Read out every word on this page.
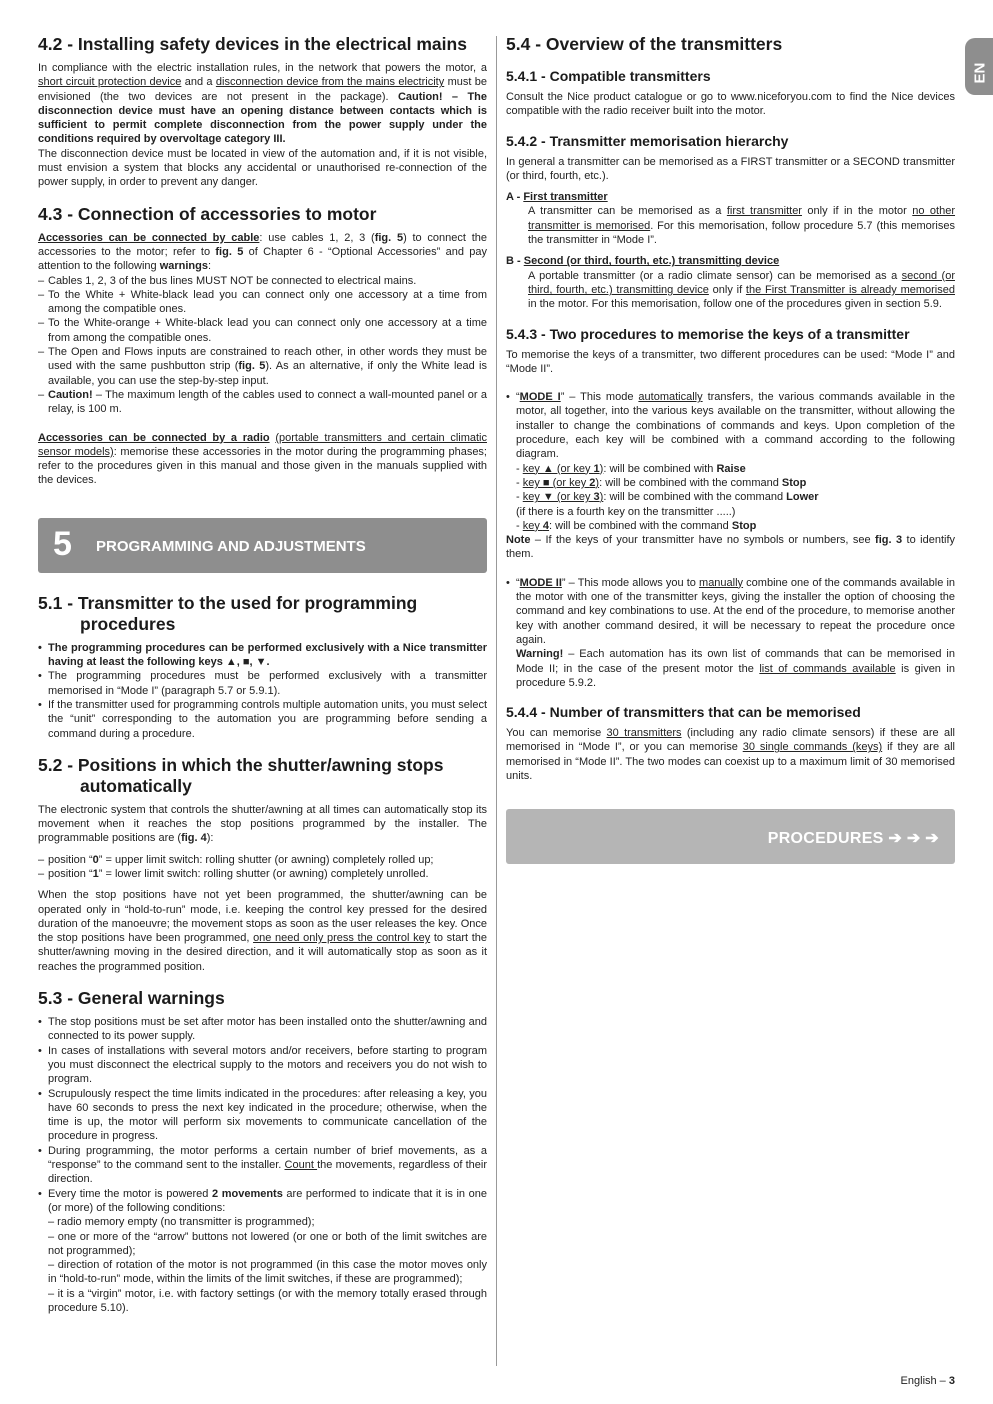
EN
4.2 - Installing safety devices in the electrical mains

In compliance with the electric installation rules, in the network that powers the motor, a short circuit protection device and a disconnection device from the mains electricity must be envisioned (the two devices are not present in the package). Caution! – The disconnection device must have an opening distance between contacts which is sufficient to permit complete disconnection from the power supply under the conditions required by overvoltage category III.

The disconnection device must be located in view of the automation and, if it is not visible, must envision a system that blocks any accidental or unauthorised re-connection of the power supply, in order to prevent any danger.

4.3 - Connection of accessories to motor

Accessories can be connected by cable: use cables 1, 2, 3 (fig. 5) to connect the accessories to the motor; refer to fig. 5 of Chapter 6 - “Optional Accessories” and pay attention to the following warnings:

– Cables 1, 2, 3 of the bus lines MUST NOT be connected to electrical mains.
– To the White + White-black lead you can connect only one accessory at a time from among the compatible ones.
– To the White-orange + White-black lead you can connect only one accessory at a time from among the compatible ones.
– The Open and Flows inputs are constrained to reach other, in other words they must be used with the same pushbutton strip (fig. 5). As an alternative, if only the White lead is available, you can use the step-by-step input.
– Caution! – The maximum length of the cables used to connect a wall-mounted panel or a relay, is 100 m.

Accessories can be connected by a radio (portable transmitters and certain climatic sensor models): memorise these accessories in the motor during the programming phases; refer to the procedures given in this manual and those given in the manuals supplied with the devices.

5 PROGRAMMING AND ADJUSTMENTS
5.1 - Transmitter to the used for programming
procedures
• The programming procedures can be performed exclusively with a Nice transmitter having at least the following keys ▲, ■, ▼.
• The programming procedures must be performed exclusively with a transmitter memorised in “Mode I” (paragraph 5.7 or 5.9.1).
• If the transmitter used for programming controls multiple automation units, you must select the “unit” corresponding to the automation you are programming before sending a command during a procedure.
5.2 - Positions in which the shutter/awning stops
automatically

The electronic system that controls the shutter/awning at all times can automatically stop its movement when it reaches the stop positions programmed by the installer. The programmable positions are (fig. 4):

– position “0” = upper limit switch: rolling shutter (or awning) completely rolled up;
– position “1” = lower limit switch: rolling shutter (or awning) completely unrolled.

When the stop positions have not yet been programmed, the shutter/awning can be operated only in “hold-to-run” mode, i.e. keeping the control key pressed for the desired duration of the manoeuvre; the movement stops as soon as the user releases the key. Once the stop positions have been programmed, one need only press the control key to start the shutter/awning moving in the desired direction, and it will automatically stop as soon as it reaches the programmed position.

5.3 - General warnings
• The stop positions must be set after motor has been installed onto the shutter/awning and connected to its power supply.
• In cases of installations with several motors and/or receivers, before starting to program you must disconnect the electrical supply to the motors and receivers you do not wish to program.
• Scrupulously respect the time limits indicated in the procedures: after releasing a key, you have 60 seconds to press the next key indicated in the procedure; otherwise, when the time is up, the motor will perform six movements to communicate cancellation of the procedure in progress.
• During programming, the motor performs a certain number of brief movements, as a “response” to the command sent to the installer. Count the movements, regardless of their direction.
• Every time the motor is powered 2 movements are performed to indicate that it is in one (or more) of the following conditions:
– radio memory empty (no transmitter is programmed);
– one or more of the “arrow” buttons not lowered (or one or both of the limit switches are not programmed);
– direction of rotation of the motor is not programmed (in this case the motor moves only in “hold-to-run” mode, within the limits of the limit switches, if these are programmed);
– it is a “virgin” motor, i.e. with factory settings (or with the memory totally erased through procedure 5.10).
5.4 - Overview of the transmitters
5.4.1 - Compatible transmitters

Consult the Nice product catalogue or go to www.niceforyou.com to find the Nice devices compatible with the radio receiver built into the motor.

5.4.2 - Transmitter memorisation hierarchy

In general a transmitter can be memorised as a FIRST transmitter or a SECOND transmitter (or third, fourth, etc.).

A - First transmitter

A transmitter can be memorised as a first transmitter only if in the motor no other transmitter is memorised. For this memorisation, follow procedure 5.7 (this memorises the transmitter in “Mode I”.

B - Second (or third, fourth, etc.) transmitting device

A portable transmitter (or a radio climate sensor) can be memorised as a second (or third, fourth, etc.) transmitting device only if the First Transmitter is already memorised in the motor. For this memorisation, follow one of the procedures given in section 5.9.

5.4.3 - Two procedures to memorise the keys of a transmitter

To memorise the keys of a transmitter, two different procedures can be used: “Mode I” and “Mode II”.

• “MODE I” – This mode automatically transfers, the various commands available in the motor, all together, into the various keys available on the transmitter, without allowing the installer to change the combinations of commands and keys. Upon completion of the procedure, each key will be combined with a command according to the following diagram.
- key ▲ (or key 1): will be combined with Raise
- key ■ (or key 2): will be combined with the command Stop
- key ▼ (or key 3): will be combined with the command Lower
(if there is a fourth key on the transmitter .....)
- key 4: will be combined with the command Stop

Note – If the keys of your transmitter have no symbols or numbers, see fig. 3 to identify them.

• “MODE II” – This mode allows you to manually combine one of the commands available in the motor with one of the transmitter keys, giving the installer the option of choosing the command and key combinations to use. At the end of the procedure, to memorise another key with another command desired, it will be necessary to repeat the procedure once again.
Warning! – Each automation has its own list of commands that can be memorised in Mode II; in the case of the present motor the list of commands available is given in procedure 5.9.2.
5.4.4 - Number of transmitters that can be memorised

You can memorise 30 transmitters (including any radio climate sensors) if these are all memorised in “Mode I”, or you can memorise 30 single commands (keys) if they are all memorised in “Mode II”. The two modes can coexist up to a maximum limit of 30 memorised units.

PROCEDURES ➔ ➔ ➔
English – 3
